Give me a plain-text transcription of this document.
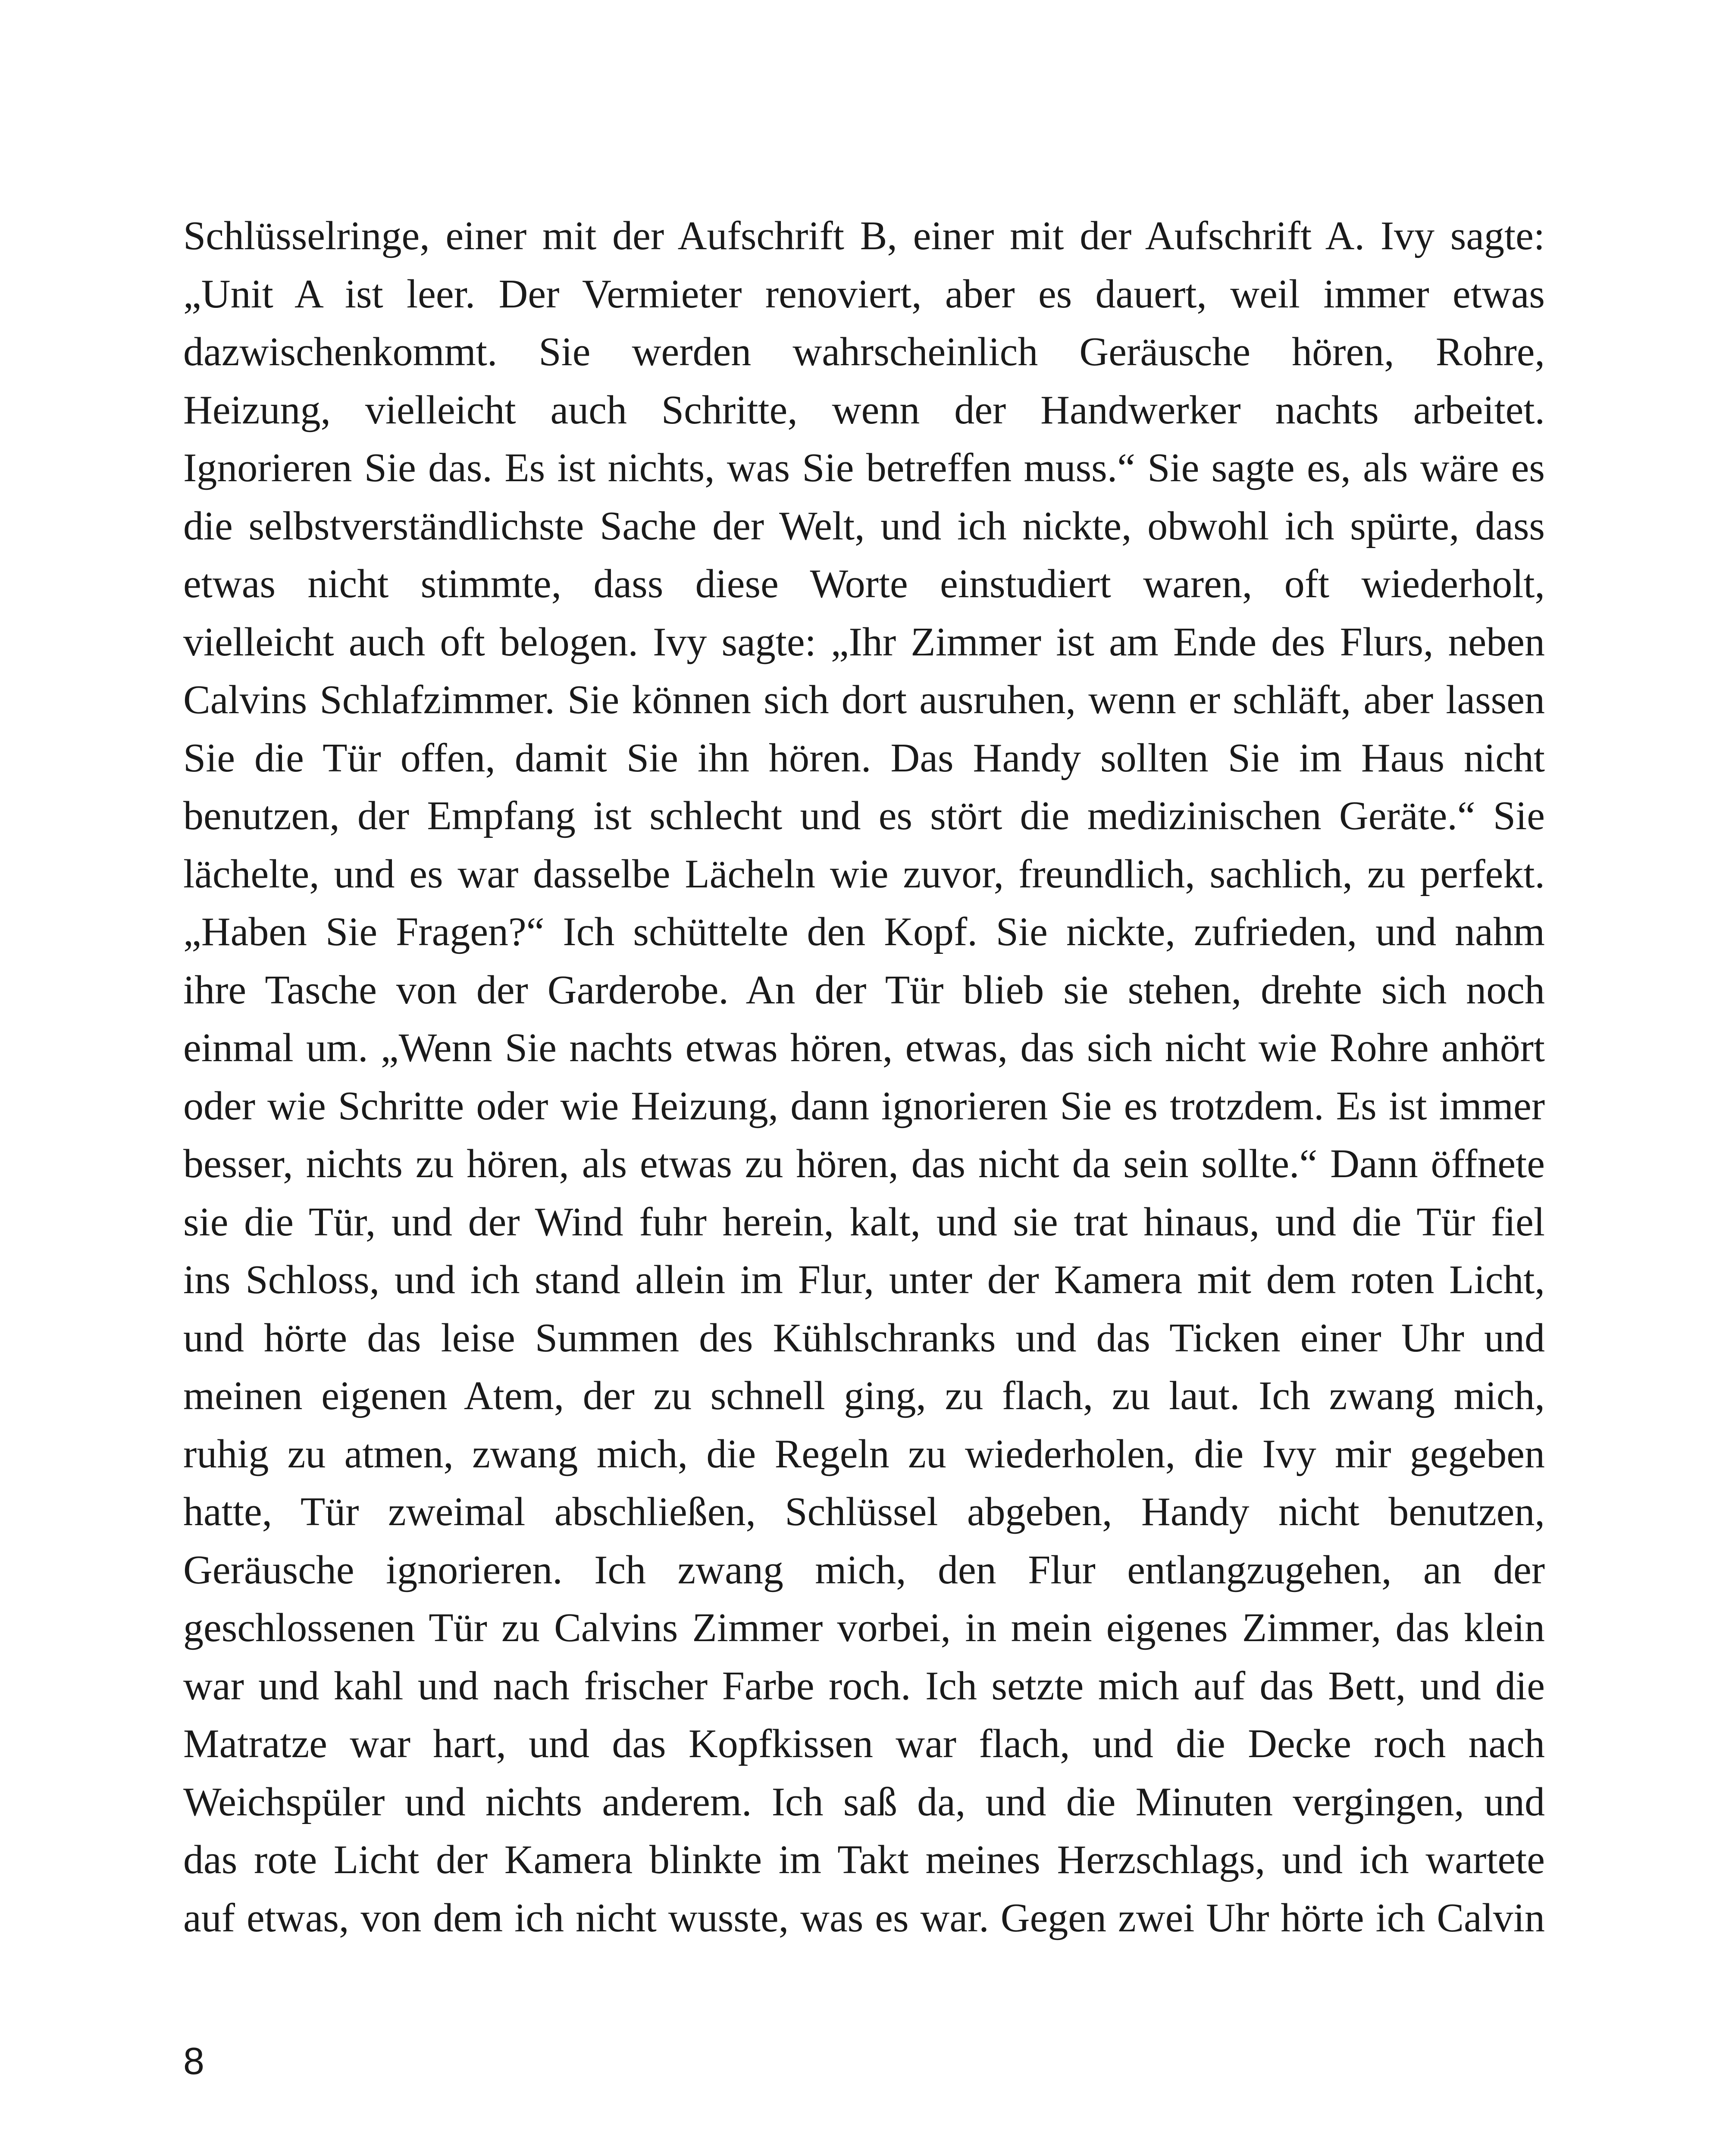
Schlüsselringe, einer mit der Aufschrift B, einer mit der Aufschrift A. Ivy sagte:
„Unit A ist leer. Der Vermieter renoviert, aber es dauert, weil immer etwas
dazwischenkommt. Sie werden wahrscheinlich Geräusche hören, Rohre,
Heizung, vielleicht auch Schritte, wenn der Handwerker nachts arbeitet.
Ignorieren Sie das. Es ist nichts, was Sie betreffen muss.“ Sie sagte es, als wäre es
die selbstverständlichste Sache der Welt, und ich nickte, obwohl ich spürte, dass
etwas nicht stimmte, dass diese Worte einstudiert waren, oft wiederholt,
vielleicht auch oft belogen. Ivy sagte: „Ihr Zimmer ist am Ende des Flurs, neben
Calvins Schlafzimmer. Sie können sich dort ausruhen, wenn er schläft, aber lassen
Sie die Tür offen, damit Sie ihn hören. Das Handy sollten Sie im Haus nicht
benutzen, der Empfang ist schlecht und es stört die medizinischen Geräte.“ Sie
lächelte, und es war dasselbe Lächeln wie zuvor, freundlich, sachlich, zu perfekt.
„Haben Sie Fragen?“ Ich schüttelte den Kopf. Sie nickte, zufrieden, und nahm
ihre Tasche von der Garderobe. An der Tür blieb sie stehen, drehte sich noch
einmal um. „Wenn Sie nachts etwas hören, etwas, das sich nicht wie Rohre anhört
oder wie Schritte oder wie Heizung, dann ignorieren Sie es trotzdem. Es ist immer
besser, nichts zu hören, als etwas zu hören, das nicht da sein sollte.“ Dann öffnete
sie die Tür, und der Wind fuhr herein, kalt, und sie trat hinaus, und die Tür fiel
ins Schloss, und ich stand allein im Flur, unter der Kamera mit dem roten Licht,
und hörte das leise Summen des Kühlschranks und das Ticken einer Uhr und
meinen eigenen Atem, der zu schnell ging, zu flach, zu laut. Ich zwang mich,
ruhig zu atmen, zwang mich, die Regeln zu wiederholen, die Ivy mir gegeben
hatte, Tür zweimal abschließen, Schlüssel abgeben, Handy nicht benutzen,
Geräusche ignorieren. Ich zwang mich, den Flur entlangzugehen, an der
geschlossenen Tür zu Calvins Zimmer vorbei, in mein eigenes Zimmer, das klein
war und kahl und nach frischer Farbe roch. Ich setzte mich auf das Bett, und die
Matratze war hart, und das Kopfkissen war flach, und die Decke roch nach
Weichspüler und nichts anderem. Ich saß da, und die Minuten vergingen, und
das rote Licht der Kamera blinkte im Takt meines Herzschlags, und ich wartete
auf etwas, von dem ich nicht wusste, was es war. Gegen zwei Uhr hörte ich Calvin
8
